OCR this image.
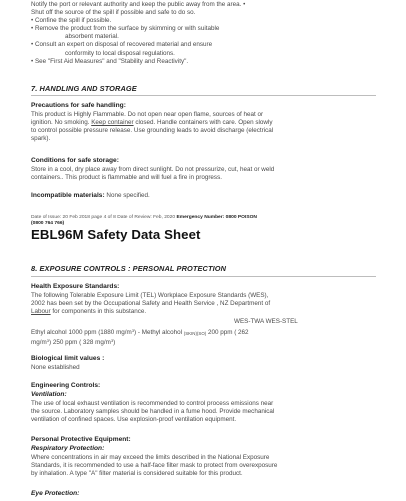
Notify the port or relevant authority and keep the public away from the area. •
Shut off the source of the spill if possible and safe to do so.
• Confine the spill if possible.
• Remove the product from the surface by skimming or with suitable
absorbent material.
• Consult an expert on disposal of recovered material and ensure
conformity to local disposal regulations.
• See "First Aid Measures" and "Stability and Reactivity".
7. HANDLING AND STORAGE
Precautions for safe handling:
This product is Highly Flammable. Do not open near open flame, sources of heat or
ignition. No smoking. Keep container closed. Handle containers with care. Open slowly
to control possible pressure release. Use grounding leads to avoid discharge (electrical
spark).
Conditions for safe storage:
Store in a cool, dry place away from direct sunlight. Do not pressurize, cut, heat or weld
containers.. This product is flammable and will fuel a fire in progress.
Incompatible materials: None specified.
Date of Issue: 20 Feb 2018 page 4 of 8 Date of Review: Feb, 2020 Emergency Number: 0800 POISON
(0800 764 766)
EBL96M Safety Data Sheet
8. EXPOSURE CONTROLS : PERSONAL PROTECTION
Health Exposure Standards:
The following Tolerable Exposure Limit (TEL) Workplace Exposure Standards (WES),
2002 has been set by the Occupational Safety and Health Service , NZ Department of
Labour for components in this substance.
WES-TWA WES-STEL
Ethyl alcohol 1000 ppm (1880 $mg/m^3$) - Methyl alcohol (SKIN)(SO) 200 ppm ( 262
$mg/m^3$) 250 ppm ( 328 $mg/m^3$)
Biological limit values :
None established
Engineering Controls:
Ventilation:
The use of local exhaust ventilation is recommended to control process emissions near
the source. Laboratory samples should be handled in a fume hood. Provide mechanical
ventilation of confined spaces. Use explosion-proof ventilation equipment.
Personal Protective Equipment:
Respiratory Protection:
Where concentrations in air may exceed the limits described in the National Exposure
Standards, it is recommended to use a half-face filter mask to protect from overexposure
by inhalation. A type "A" filter material is considered suitable for this product.
Eye Protection:
